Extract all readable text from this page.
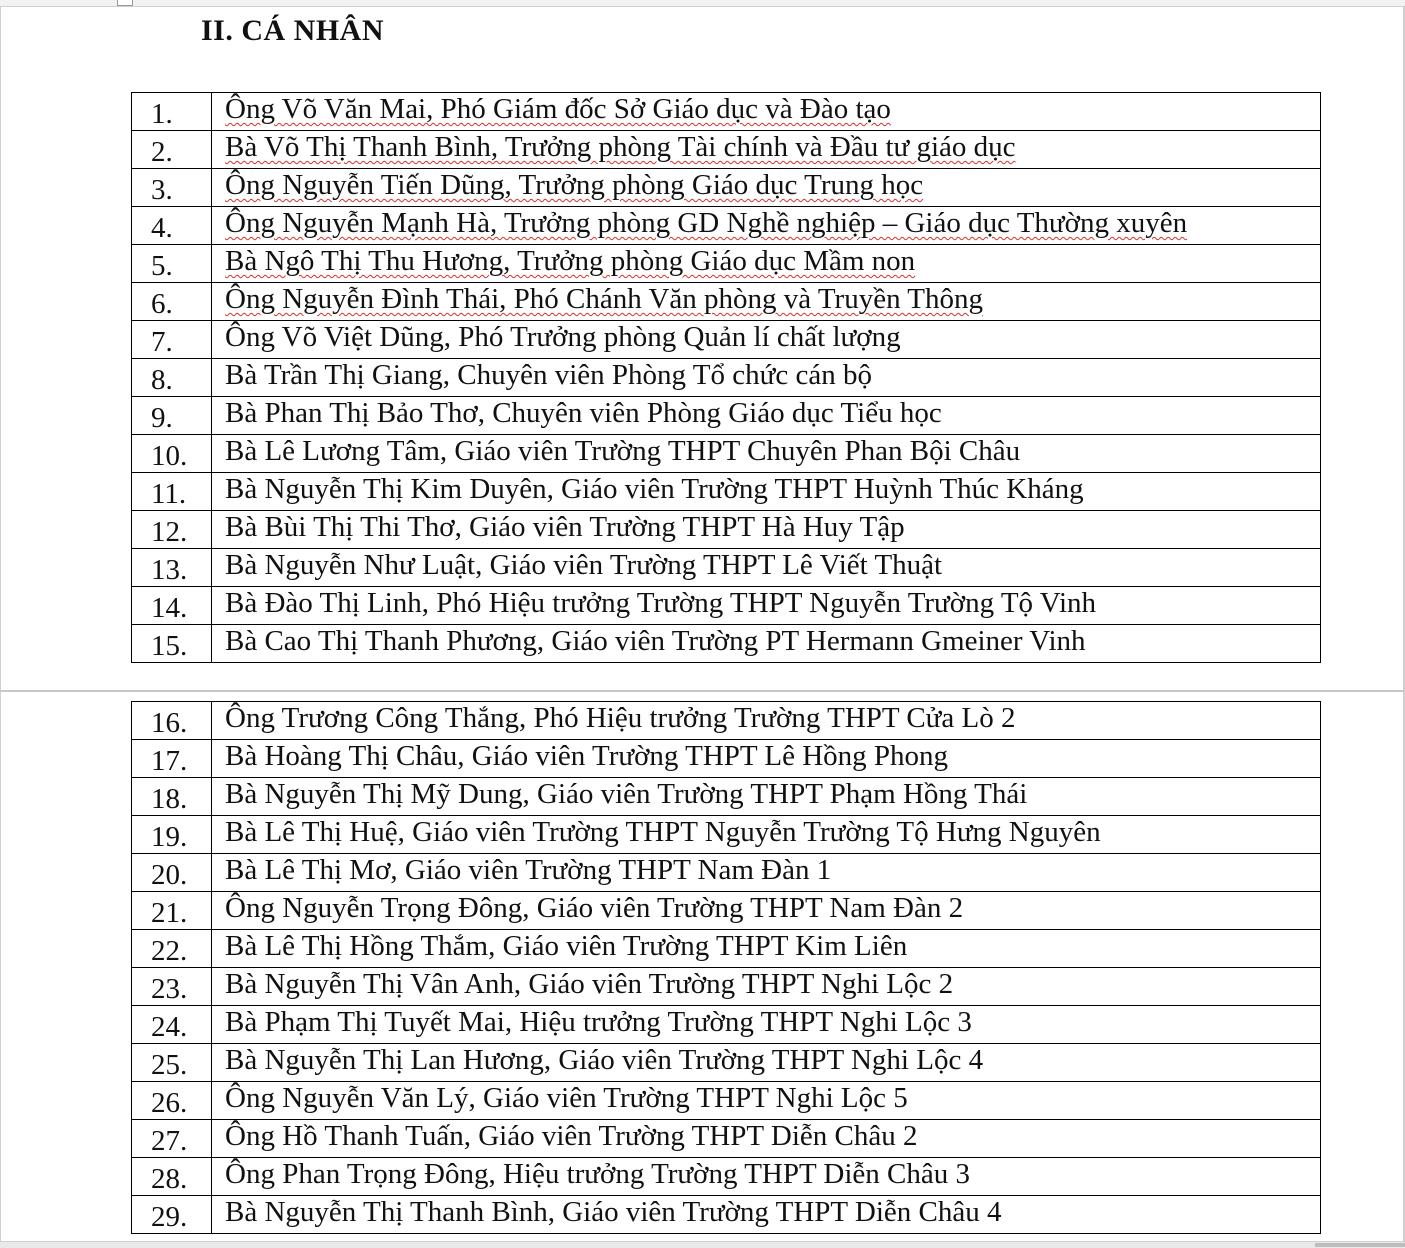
II. CÁ NHÂN
1.	Ông Võ Văn Mai, Phó Giám đốc Sở Giáo dục và Đào tạo
2.	Bà Võ Thị Thanh Bình, Trưởng phòng Tài chính và Đầu tư giáo dục
3.	Ông Nguyễn Tiến Dũng, Trưởng phòng Giáo dục Trung học
4.	Ông Nguyễn Mạnh Hà, Trưởng phòng GD Nghề nghiệp – Giáo dục Thường xuyên
5.	Bà Ngô Thị Thu Hương, Trưởng phòng Giáo dục Mầm non
6.	Ông Nguyễn Đình Thái, Phó Chánh Văn phòng và Truyền Thông
7.	Ông Võ Việt Dũng, Phó Trưởng phòng Quản lí chất lượng
8.	Bà Trần Thị Giang, Chuyên viên Phòng Tổ chức cán bộ
9.	Bà Phan Thị Bảo Thơ, Chuyên viên Phòng Giáo dục Tiểu học
10.	Bà Lê Lương Tâm, Giáo viên Trường THPT Chuyên Phan Bội Châu
11.	Bà Nguyễn Thị Kim Duyên, Giáo viên Trường THPT Huỳnh Thúc Kháng
12.	Bà Bùi Thị Thi Thơ, Giáo viên Trường THPT Hà Huy Tập
13.	Bà Nguyễn Như Luật, Giáo viên Trường THPT Lê Viết Thuật
14.	Bà Đào Thị Linh, Phó Hiệu trưởng Trường THPT Nguyễn Trường Tộ Vinh
15.	Bà Cao Thị Thanh Phương, Giáo viên Trường PT Hermann Gmeiner Vinh
16.	Ông Trương Công Thắng, Phó Hiệu trưởng Trường THPT Cửa Lò 2
17.	Bà Hoàng Thị Châu, Giáo viên Trường THPT Lê Hồng Phong
18.	Bà Nguyễn Thị Mỹ Dung, Giáo viên Trường THPT Phạm Hồng Thái
19.	Bà Lê Thị Huệ, Giáo viên Trường THPT Nguyễn Trường Tộ Hưng Nguyên
20.	Bà Lê Thị Mơ, Giáo viên Trường THPT Nam Đàn 1
21.	Ông Nguyễn Trọng Đông, Giáo viên Trường THPT Nam Đàn 2
22.	Bà Lê Thị Hồng Thắm, Giáo viên Trường THPT Kim Liên
23.	Bà Nguyễn Thị Vân Anh, Giáo viên Trường THPT Nghi Lộc 2
24.	Bà Phạm Thị Tuyết Mai, Hiệu trưởng Trường THPT Nghi Lộc 3
25.	Bà Nguyễn Thị Lan Hương, Giáo viên Trường THPT Nghi Lộc 4
26.	Ông Nguyễn Văn Lý, Giáo viên Trường THPT Nghi Lộc 5
27.	Ông Hồ Thanh Tuấn, Giáo viên Trường THPT Diễn Châu 2
28.	Ông Phan Trọng Đông, Hiệu trưởng Trường THPT Diễn Châu 3
29.	Bà Nguyễn Thị Thanh Bình, Giáo viên Trường THPT Diễn Châu 4
